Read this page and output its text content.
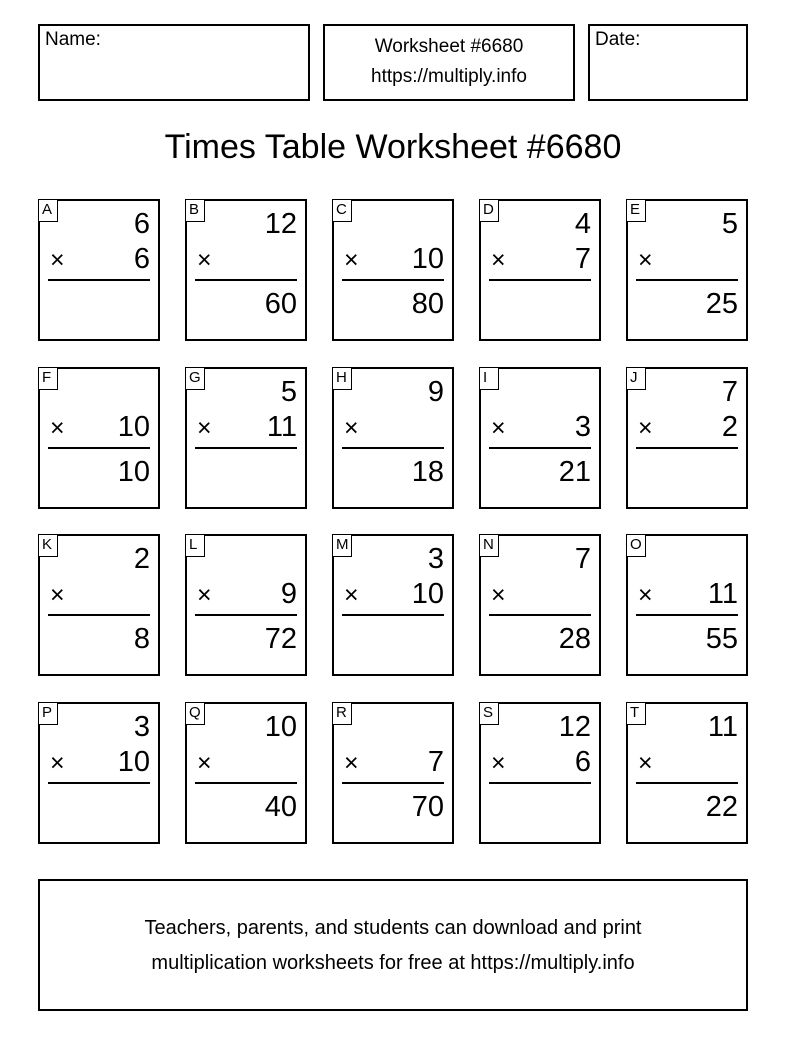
Name:	Worksheet #6680
https://multiply.info
Date:
Times Table Worksheet #6680
A	6
× 6
B 12
×
60
C
× 10
80
D	4
× 7
E	5
×
25
F
× 10
10
G	5
× 11
H	9
×
18
I
× 3
21
J	7
× 2
K	2
×
8
L
× 9
72
M	3
× 10
N	7
×
28
O
× 11
55
P	3
× 10
Q 10
×
40
R
× 7
70
S 12
× 6
T 11
×
22
Teachers, parents, and students can download and print
multiplication worksheets for free at https://multiply.info
